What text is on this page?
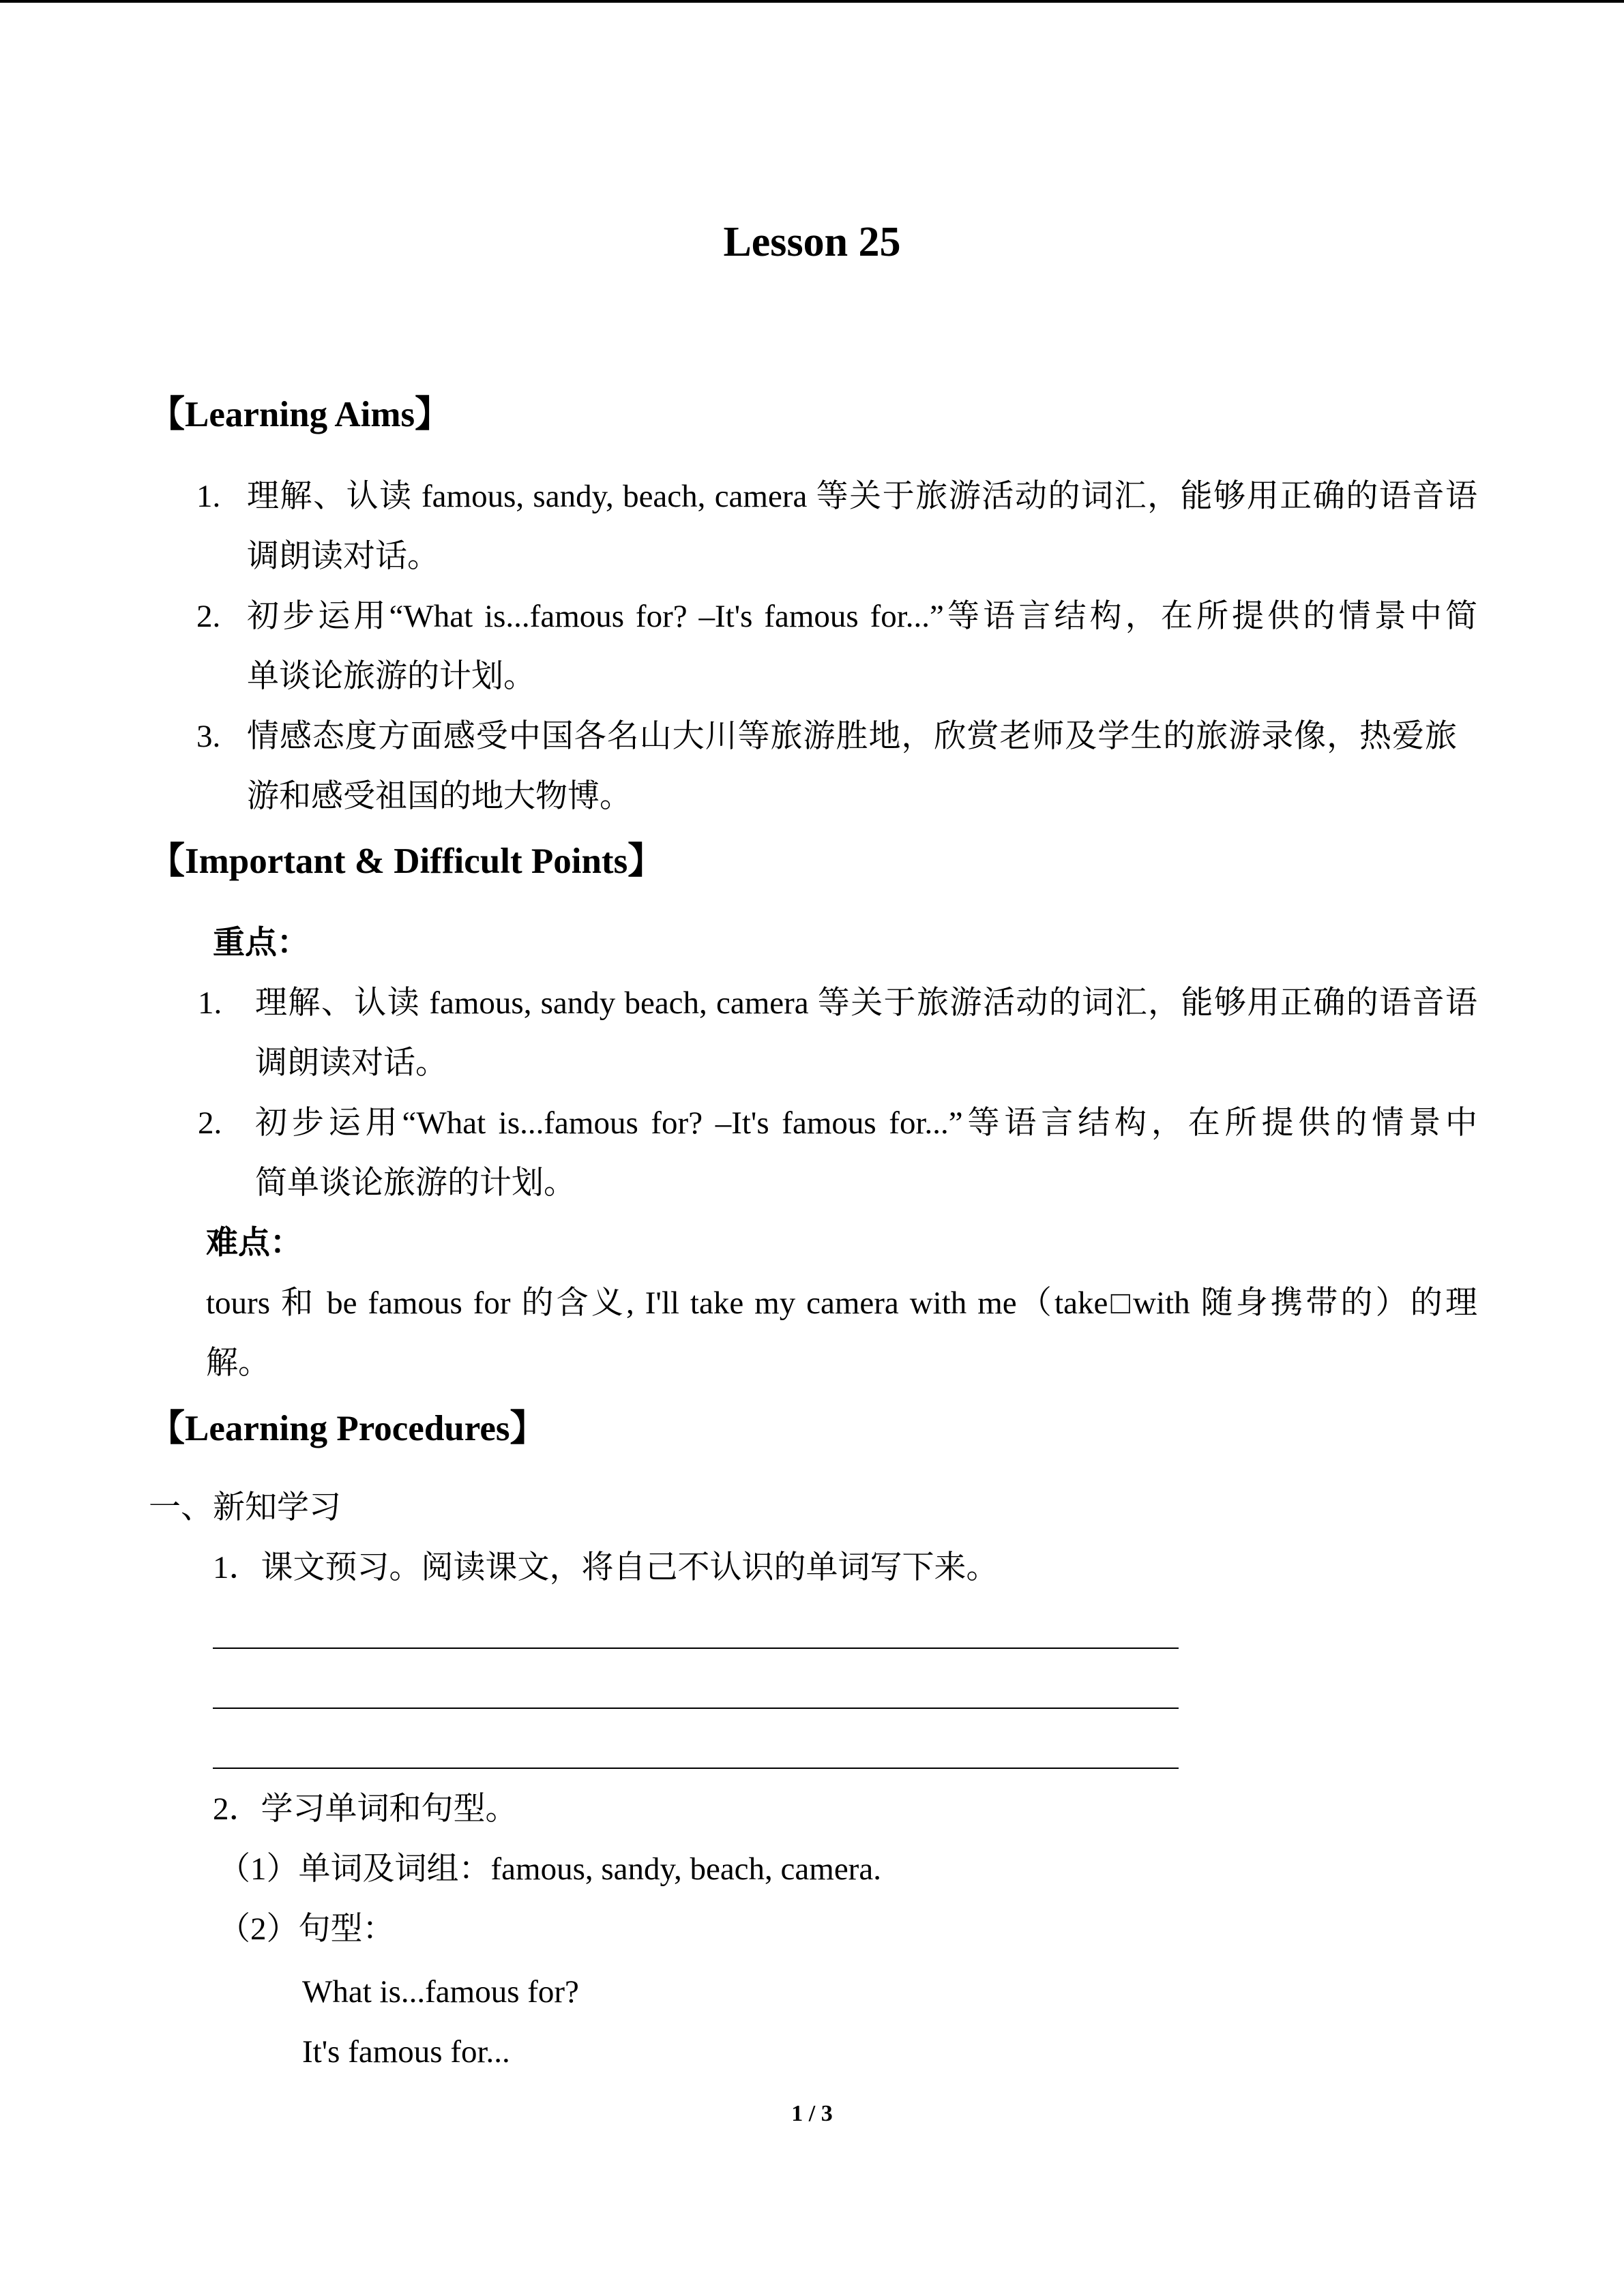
Lesson 25
【Learning Aims】
1. 理解、认读 famous, sandy, beach, camera 等关于旅游活动的词汇，能够用正确的语音语
调朗读对话。
2. 初步运用“What is...famous for? –It's famous for...”等语言结构，在所提供的情景中简
单谈论旅游的计划。
3. 情感态度方面感受中国各名山大川等旅游胜地，欣赏老师及学生的旅游录像，热爱旅
游和感受祖国的地大物博。
【Important & Difficult Points】
重点：
1. 理解、认读 famous, sandy beach, camera 等关于旅游活动的词汇，能够用正确的语音语
调朗读对话。
2. 初步运用“What is...famous for? –It's famous for...”等语言结构，在所提供的情景中
简单谈论旅游的计划。
难点：
tours 和 be famous for 的含义, I'll take my camera with me（take□with 随身携带的）的理
解。
【Learning Procedures】
一、新知学习
1．课文预习。阅读课文，将自己不认识的单词写下来。
2．学习单词和句型。
（1）单词及词组：famous, sandy, beach, camera.
（2）句型：
What is...famous for?
It's famous for...
1 / 3
